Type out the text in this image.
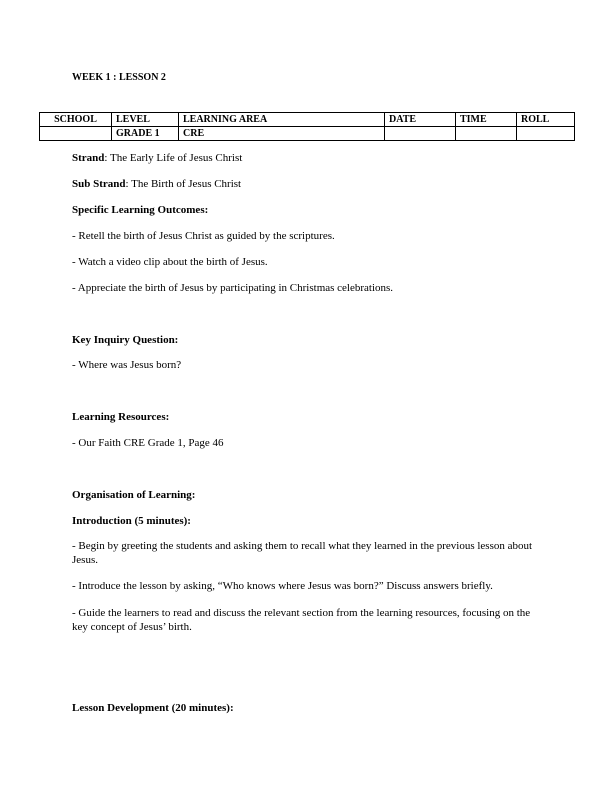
WEEK 1 : LESSON 2
SCHOOL	LEVEL	LEARNING AREA	DATE	TIME	ROLL
	GRADE 1	CRE			
Strand: The Early Life of Jesus Christ
Sub Strand: The Birth of Jesus Christ
Specific Learning Outcomes:
- Retell the birth of Jesus Christ as guided by the scriptures.
- Watch a video clip about the birth of Jesus.
- Appreciate the birth of Jesus by participating in Christmas celebrations.
Key Inquiry Question:
- Where was Jesus born?
Learning Resources:
- Our Faith CRE Grade 1, Page 46
Organisation of Learning:
Introduction (5 minutes):
- Begin by greeting the students and asking them to recall what they learned in the previous lesson about Jesus.
- Introduce the lesson by asking, “Who knows where Jesus was born?” Discuss answers briefly.
- Guide the learners to read and discuss the relevant section from the learning resources, focusing on the key concept of Jesus’ birth.
Lesson Development (20 minutes):
